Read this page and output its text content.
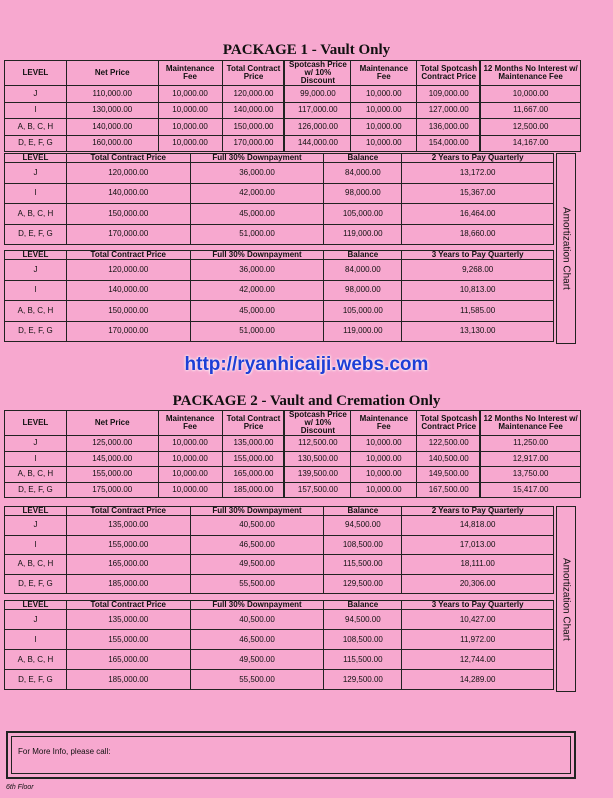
PACKAGE 1 - Vault Only
LEVEL	Net Price	Maintenance Fee	Total Contract Price	Spotcash Price w/ 10% Discount	Maintenance Fee	Total Spotcash Contract Price	12 Months No Interest w/ Maintenance Fee
J	110,000.00	10,000.00	120,000.00	99,000.00	10,000.00	109,000.00	10,000.00
I	130,000.00	10,000.00	140,000.00	117,000.00	10,000.00	127,000.00	11,667.00
A, B, C, H	140,000.00	10,000.00	150,000.00	126,000.00	10,000.00	136,000.00	12,500.00
D, E, F, G	160,000.00	10,000.00	170,000.00	144,000.00	10,000.00	154,000.00	14,167.00
LEVEL	Total Contract Price	Full 30% Downpayment	Balance	2 Years to Pay Quarterly
J	120,000.00	36,000.00	84,000.00	13,172.00
I	140,000.00	42,000.00	98,000.00	15,367.00
A, B, C, H	150,000.00	45,000.00	105,000.00	16,464.00
D, E, F, G	170,000.00	51,000.00	119,000.00	18,660.00
LEVEL	Total Contract Price	Full 30% Downpayment	Balance	3 Years to Pay Quarterly
J	120,000.00	36,000.00	84,000.00	9,268.00
I	140,000.00	42,000.00	98,000.00	10,813.00
A, B, C, H	150,000.00	45,000.00	105,000.00	11,585.00
D, E, F, G	170,000.00	51,000.00	119,000.00	13,130.00
Amortization Chart
http://ryanhicaiji.webs.com
PACKAGE 2 - Vault and Cremation Only
LEVEL	Net Price	Maintenance Fee	Total Contract Price	Spotcash Price w/ 10% Discount	Maintenance Fee	Total Spotcash Contract Price	12 Months No Interest w/ Maintenance Fee
J	125,000.00	10,000.00	135,000.00	112,500.00	10,000.00	122,500.00	11,250.00
I	145,000.00	10,000.00	155,000.00	130,500.00	10,000.00	140,500.00	12,917.00
A, B, C, H	155,000.00	10,000.00	165,000.00	139,500.00	10,000.00	149,500.00	13,750.00
D, E, F, G	175,000.00	10,000.00	185,000.00	157,500.00	10,000.00	167,500.00	15,417.00
LEVEL	Total Contract Price	Full 30% Downpayment	Balance	2 Years to Pay Quarterly
J	135,000.00	40,500.00	94,500.00	14,818.00
I	155,000.00	46,500.00	108,500.00	17,013.00
A, B, C, H	165,000.00	49,500.00	115,500.00	18,111.00
D, E, F, G	185,000.00	55,500.00	129,500.00	20,306.00
LEVEL	Total Contract Price	Full 30% Downpayment	Balance	3 Years to Pay Quarterly
J	135,000.00	40,500.00	94,500.00	10,427.00
I	155,000.00	46,500.00	108,500.00	11,972.00
A, B, C, H	165,000.00	49,500.00	115,500.00	12,744.00
D, E, F, G	185,000.00	55,500.00	129,500.00	14,289.00
Amortization Chart
For More Info, please call:
6th Floor
